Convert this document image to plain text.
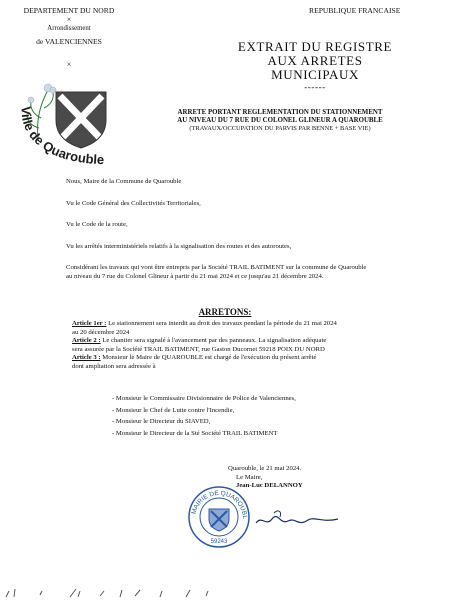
DEPARTEMENT DU NORD
×
Arrondissement
de VALENCIENNES
×
REPUBLIQUE FRANCAISE
Ville de Quarouble
EXTRAIT DU REGISTRE
AUX ARRETES MUNICIPAUX
------
ARRETE PORTANT REGLEMENTATION DU STATIONNEMENT
AU NIVEAU DU 7 RUE DU COLONEL GLINEUR A QUAROUBLE
(TRAVAUX/OCCUPATION DU PARVIS PAR BENNE + BASE VIE)
Nous, Maire de la Commune de Quarouble
Vu le Code Général des Collectivités Territoriales,
Vu le Code de la route,
Vu les arrêtés interministériels relatifs à la signalisation des routes et des autoroutes,
Considérant les travaux qui vont être entrepris par la Société TRAIL BATIMENT sur la commune de Quarouble
au niveau du 7 rue du Colonel Glineur à partir du 21 mai 2024 et ce jusqu'au 21 décembre 2024.
ARRETONS:
Article 1er : Le stationnement sera interdit au droit des travaux pendant la période du 21 mai 2024
au 20 décembre 2024
Article 2 : Le chantier sera signalé à l'avancement par des panneaux. La signalisation adéquate
sera assurée par la Société TRAIL BATIMENT, rue Gaston Ducornet 59218 POIX DU NORD
Article 3 : Monsieur le Maire de QUAROUBLE est chargé de l'exécution du présent arrêté
dont ampliation sera adressée à
- Monsieur le Commissaire Divisionnaire de Police de Valenciennes,
- Monsieur le Chef de Lutte contre l'Incendie,
- Monsieur le Directeur du SIAVED,
- Monsieur le Directeur de la Sté Société TRAIL BATIMENT
Quarouble, le 21 mai 2024.
Le Maire,
Jean-Luc DELANNOY
MAIRIE DE QUAROUBL
59243
